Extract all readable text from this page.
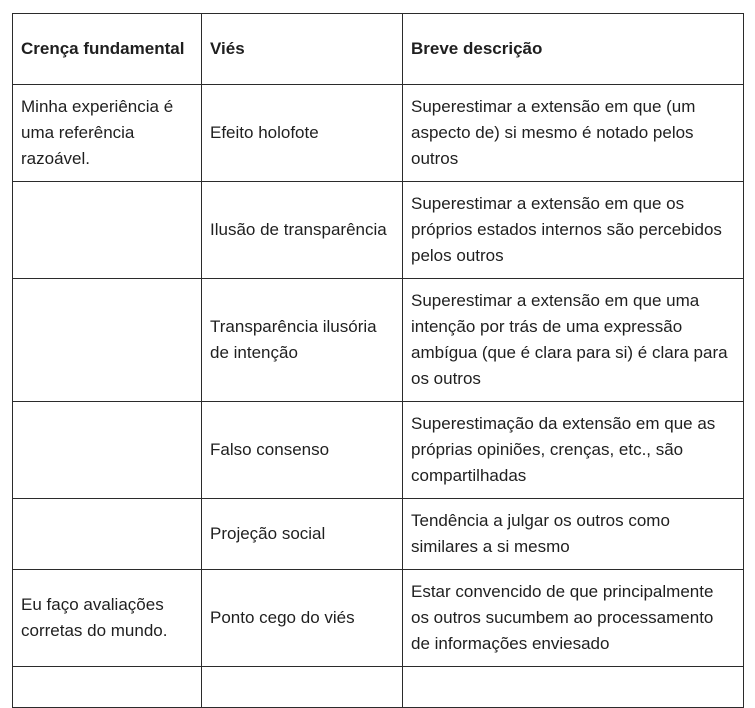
Crença fundamental	Viés	Breve descrição
Minha experiência é uma referência razoável.	Efeito holofote	Superestimar a extensão em que (um aspecto de) si mesmo é notado pelos outros
	Ilusão de transparência	Superestimar a extensão em que os próprios estados internos são percebidos pelos outros
	Transparência ilusória de intenção	Superestimar a extensão em que uma intenção por trás de uma expressão ambígua (que é clara para si) é clara para os outros
	Falso consenso	Superestimação da extensão em que as próprias opiniões, crenças, etc., são compartilhadas
	Projeção social	Tendência a julgar os outros como similares a si mesmo
Eu faço avaliações corretas do mundo.	Ponto cego do viés	Estar convencido de que principalmente os outros sucumbem ao processamento de informações enviesado
